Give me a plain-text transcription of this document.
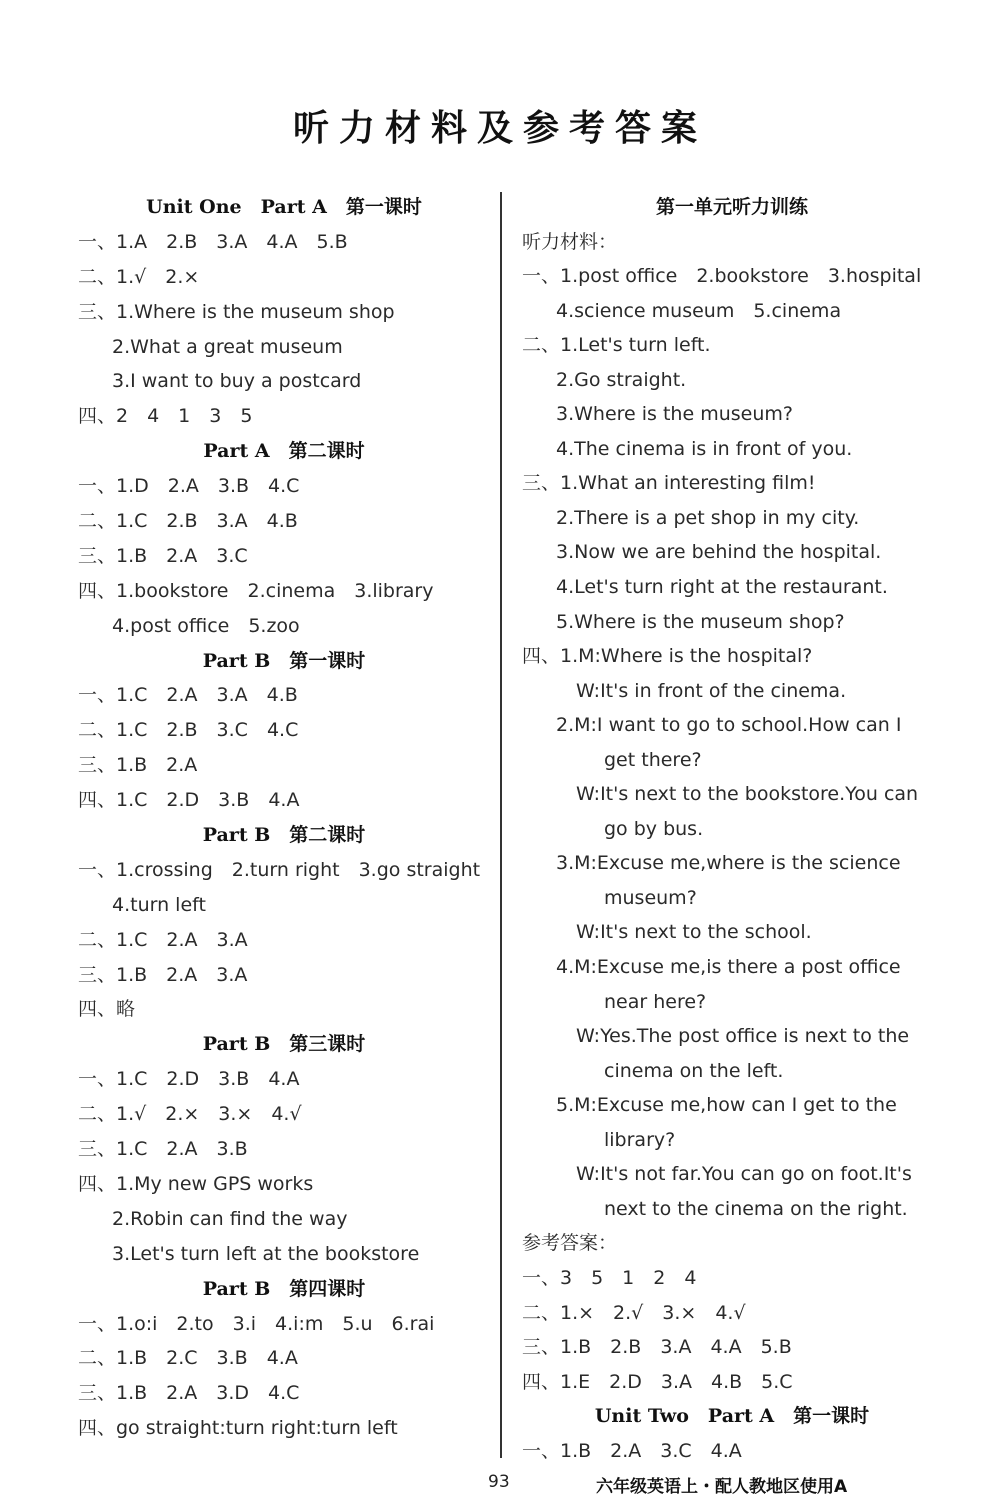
听力材料及参考答案
Unit One　Part A　第一课时
一、1.A　2.B　3.A　4.A　5.B
二、1.√　2.×
三、1.Where is the museum shop
2.What a great museum
3.I want to buy a postcard
四、2　4　1　3　5
Part A　第二课时
一、1.D　2.A　3.B　4.C
二、1.C　2.B　3.A　4.B
三、1.B　2.A　3.C
四、1.bookstore　2.cinema　3.library
4.post office　5.zoo
Part B　第一课时
一、1.C　2.A　3.A　4.B
二、1.C　2.B　3.C　4.C
三、1.B　2.A
四、1.C　2.D　3.B　4.A
Part B　第二课时
一、1.crossing　2.turn right　3.go straight
4.turn left
二、1.C　2.A　3.A
三、1.B　2.A　3.A
四、略
Part B　第三课时
一、1.C　2.D　3.B　4.A
二、1.√　2.×　3.×　4.√
三、1.C　2.A　3.B
四、1.My new GPS works
2.Robin can find the way
3.Let's turn left at the bookstore
Part B　第四课时
一、1.o:i　2.to　3.i　4.i:m　5.u　6.rai
二、1.B　2.C　3.B　4.A
三、1.B　2.A　3.D　4.C
四、go straight:turn right:turn left
第一单元听力训练
听力材料：
一、1.post office　2.bookstore　3.hospital
4.science museum　5.cinema
二、1.Let's turn left.
2.Go straight.
3.Where is the museum?
4.The cinema is in front of you.
三、1.What an interesting film!
2.There is a pet shop in my city.
3.Now we are behind the hospital.
4.Let's turn right at the restaurant.
5.Where is the museum shop?
四、1.M:Where is the hospital?
W:It's in front of the cinema.
2.M:I want to go to school.How can I
get there?
W:It's next to the bookstore.You can
go by bus.
3.M:Excuse me,where is the science
museum?
W:It's next to the school.
4.M:Excuse me,is there a post office
near here?
W:Yes.The post office is next to the
cinema on the left.
5.M:Excuse me,how can I get to the
library?
W:It's not far.You can go on foot.It's
next to the cinema on the right.
参考答案：
一、3　5　1　2　4
二、1.×　2.√　3.×　4.√
三、1.B　2.B　3.A　4.A　5.B
四、1.E　2.D　3.A　4.B　5.C
Unit Two　Part A　第一课时
一、1.B　2.A　3.C　4.A
93	六年级英语上・配人教地区使用A
